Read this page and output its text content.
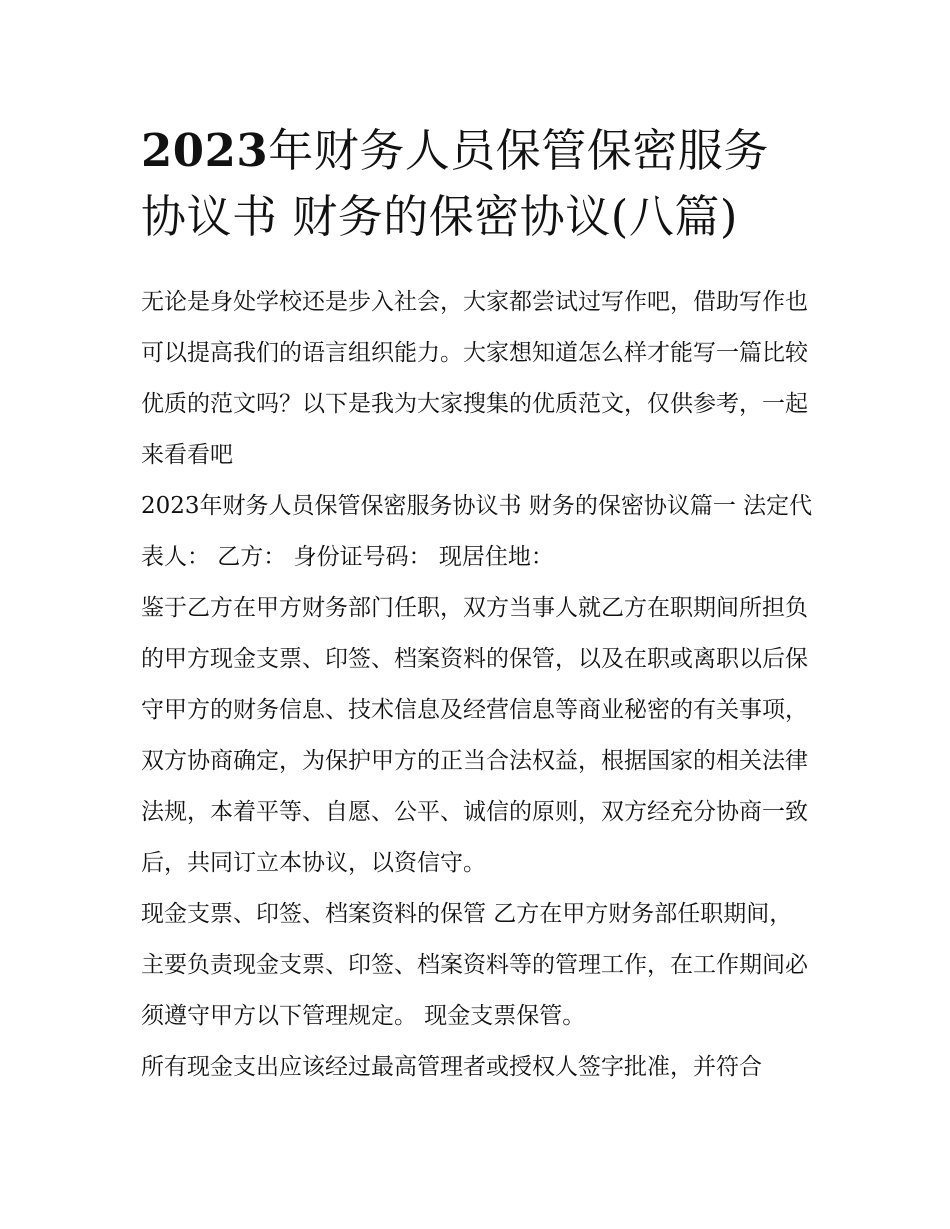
2023年财务人员保管保密服务协议书 财务的保密协议(八篇)

无论是身处学校还是步入社会，大家都尝试过写作吧，借助写作也可以提高我们的语言组织能力。大家想知道怎么样才能写一篇比较优质的范文吗？以下是我为大家搜集的优质范文，仅供参考，一起来看看吧

2023年财务人员保管保密服务协议书 财务的保密协议篇一 法定代表人： 乙方： 身份证号码： 现居住地：

鉴于乙方在甲方财务部门任职，双方当事人就乙方在职期间所担负的甲方现金支票、印签、档案资料的保管，以及在职或离职以后保守甲方的财务信息、技术信息及经营信息等商业秘密的有关事项，双方协商确定，为保护甲方的正当合法权益，根据国家的相关法律法规，本着平等、自愿、公平、诚信的原则，双方经充分协商一致后，共同订立本协议，以资信守。

现金支票、印签、档案资料的保管 乙方在甲方财务部任职期间，主要负责现金支票、印签、档案资料等的管理工作，在工作期间必须遵守甲方以下管理规定。 现金支票保管。

所有现金支出应该经过最高管理者或授权人签字批准，并符合
